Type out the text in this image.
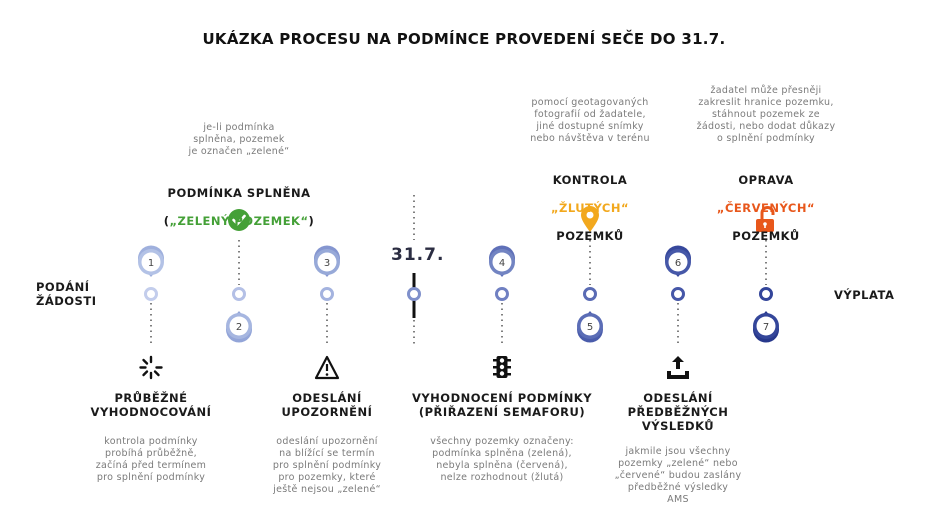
UKÁZKA PROCESU NA PODMÍNCE PROVEDENÍ SEČE DO 31.7.
1
2
3	4
5
6
7
PODÁNÍ
ŽÁDOSTI	VÝPLATA
31.7.
je-li podmínka
splněna, pozemek
je označen „zelené“

PODMÍNKA SPLNĚNA

(„ZELENÝ POZEMEK“)

pomocí geotagovaných
fotografií od žadatele,
jiné dostupné snímky
nebo návštěva v terénu

KONTROLA

„ŽLUTÝCH“

POZEMKŮ

žadatel může přesněji
zakreslit hranice pozemku,
stáhnout pozemek ze
žádosti, nebo dodat důkazy
o splnění podmínky

OPRAVA

„ČERVENÝCH“

POZEMKŮ

PRŮBĚŽNÉ
VYHODNOCOVÁNÍ
kontrola podmínky
probíhá průběžně,
začíná před termínem
pro splnění podmínky
ODESLÁNÍ
UPOZORNĚNÍ
odeslání upozornění
na blížící se termín
pro splnění podmínky
pro pozemky, které
ještě nejsou „zelené“
VYHODNOCENÍ PODMÍNKY
(PŘIŘAZENÍ SEMAFORU)
všechny pozemky označeny:
podmínka splněna (zelená),
nebyla splněna (červená),
nelze rozhodnout (žlutá)
ODESLÁNÍ
PŘEDBĚŽNÝCH
VÝSLEDKŮ
jakmile jsou všechny
pozemky „zelené“ nebo
„červené“ budou zaslány
předběžné výsledky
AMS
